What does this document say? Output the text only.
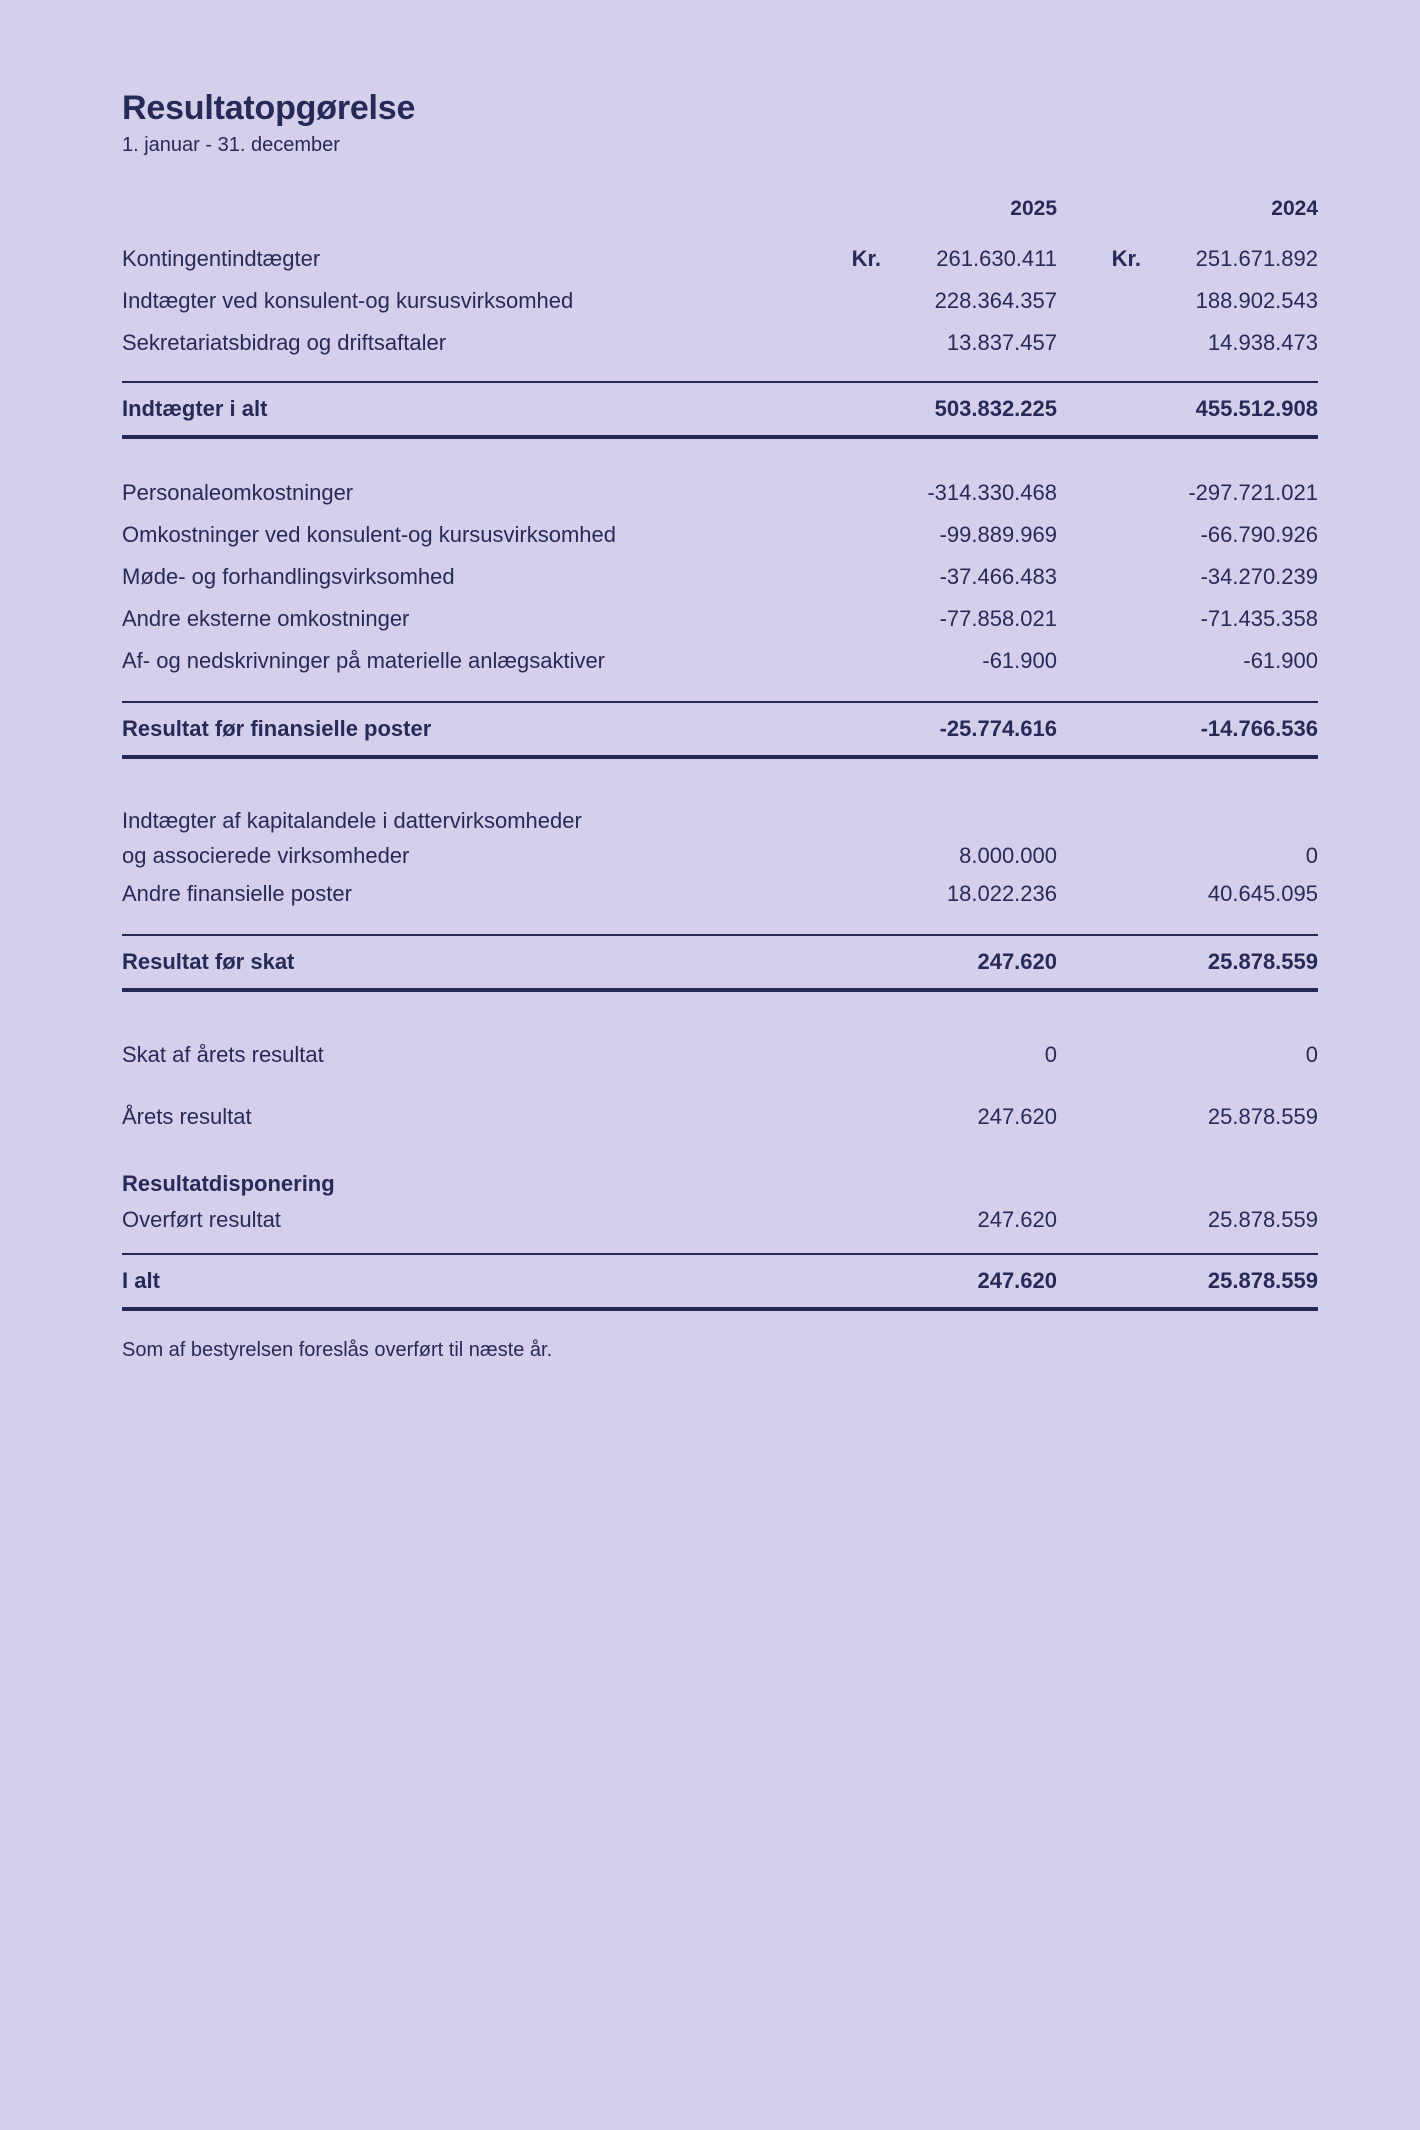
Resultatopgørelse
1. januar - 31. december
2025	2024
Kontingentindtægter	Kr.	261.630.411	Kr.	251.671.892
Indtægter ved konsulent-og kursusvirksomhed	228.364.357	188.902.543
Sekretariatsbidrag og driftsaftaler	13.837.457	14.938.473
Indtægter i alt	503.832.225	455.512.908
Personaleomkostninger	-314.330.468	-297.721.021
Omkostninger ved konsulent-og kursusvirksomhed	-99.889.969	-66.790.926
Møde- og forhandlingsvirksomhed	-37.466.483	-34.270.239
Andre eksterne omkostninger	-77.858.021	-71.435.358
Af- og nedskrivninger på materielle anlægsaktiver	-61.900	-61.900
Resultat før finansielle poster	-25.774.616	-14.766.536
Indtægter af kapitalandele i dattervirksomheder
og associerede virksomheder	8.000.000	0
Andre finansielle poster	18.022.236	40.645.095
Resultat før skat	247.620	25.878.559
Skat af årets resultat	0	0
Årets resultat	247.620	25.878.559
Resultatdisponering
Overført resultat	247.620	25.878.559
I alt	247.620	25.878.559
Som af bestyrelsen foreslås overført til næste år.
